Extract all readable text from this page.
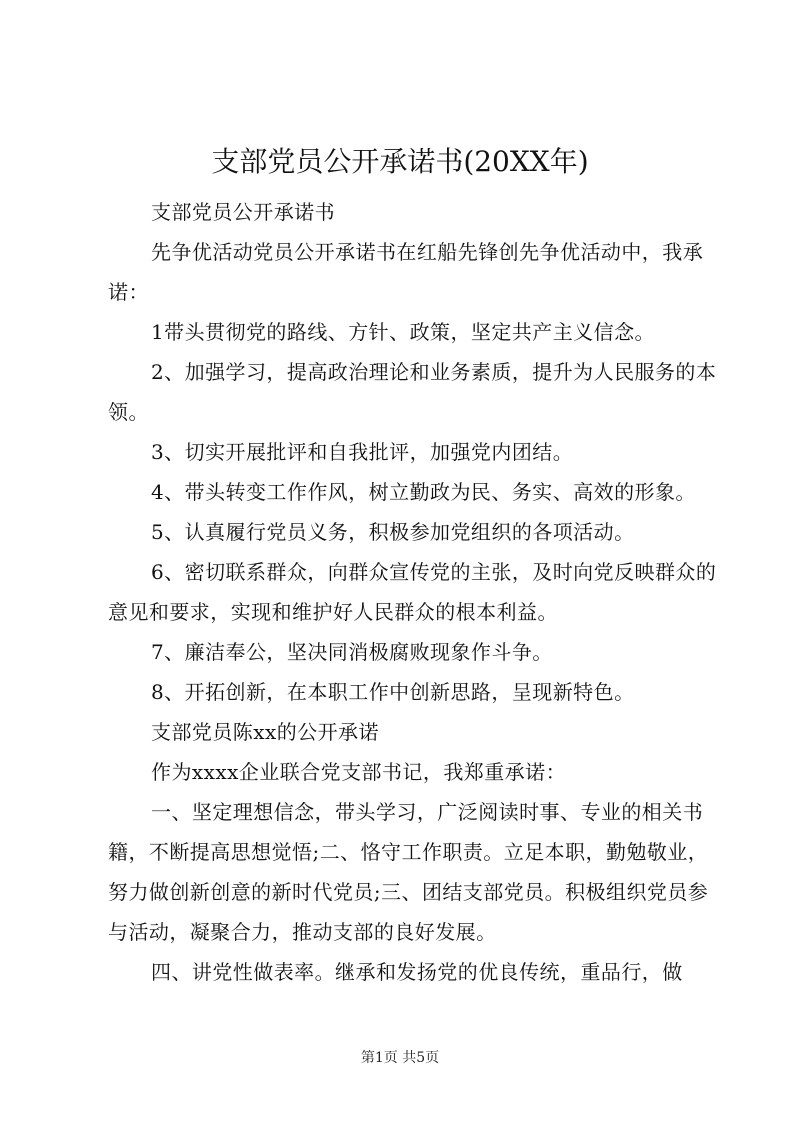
支部党员公开承诺书(20XX年)

支部党员公开承诺书

先争优活动党员公开承诺书在红船先锋创先争优活动中，我承诺：

1带头贯彻党的路线、方针、政策，坚定共产主义信念。

2、加强学习，提高政治理论和业务素质，提升为人民服务的本领。

3、切实开展批评和自我批评，加强党内团结。

4、带头转变工作作风，树立勤政为民、务实、高效的形象。

5、认真履行党员义务，积极参加党组织的各项活动。

6、密切联系群众，向群众宣传党的主张，及时向党反映群众的意见和要求，实现和维护好人民群众的根本利益。

7、廉洁奉公，坚决同消极腐败现象作斗争。

8、开拓创新，在本职工作中创新思路，呈现新特色。

支部党员陈xx的公开承诺

作为xxxx企业联合党支部书记，我郑重承诺：

一、坚定理想信念，带头学习，广泛阅读时事、专业的相关书籍，不断提高思想觉悟;二、恪守工作职责。立足本职，勤勉敬业，努力做创新创意的新时代党员;三、团结支部党员。积极组织党员参与活动，凝聚合力，推动支部的良好发展。

四、讲党性做表率。继承和发扬党的优良传统，重品行，做

第1页 共5页
